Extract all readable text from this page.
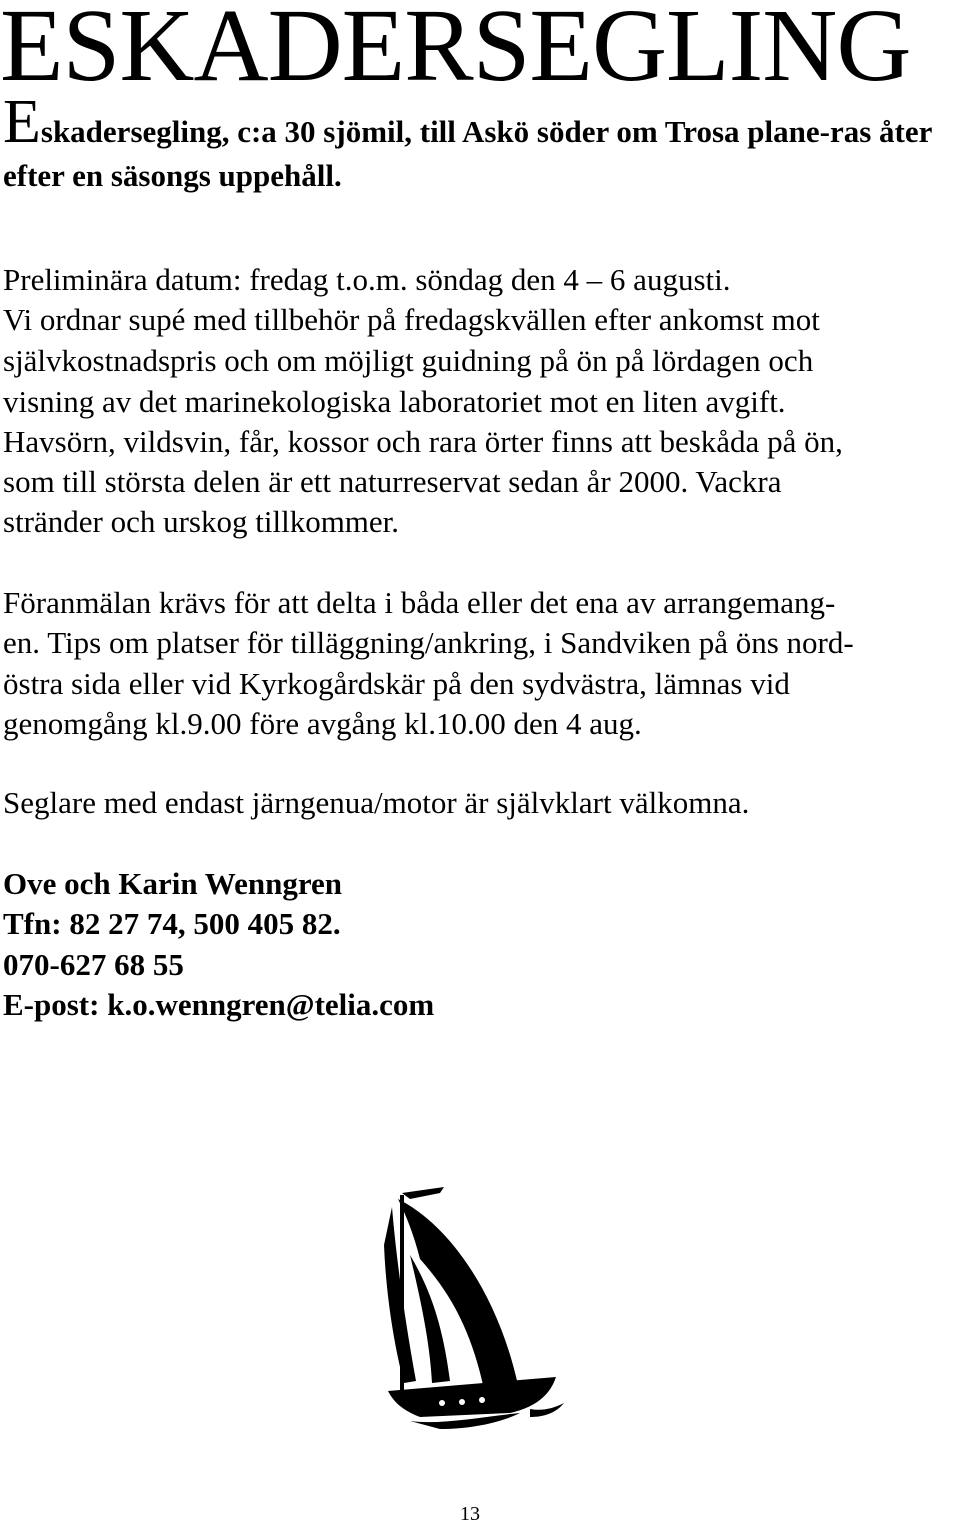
ESKADERSEGLING

Eskadersegling, c:a 30 sjömil, till Askö söder om Trosa plane-ras åter efter en säsongs uppehåll.

Preliminära datum: fredag t.o.m. söndag den 4 – 6 augusti.

Vi ordnar supé med tillbehör på fredagskvällen efter ankomst mot

självkostnadspris och om möjligt guidning på ön på lördagen och

visning av det marinekologiska laboratoriet mot en liten avgift.

Havsörn, vildsvin, får, kossor och rara örter finns att beskåda på ön,

som till största delen är ett naturreservat sedan år 2000. Vackra

stränder och urskog tillkommer.

Föranmälan krävs för att delta i båda eller det ena av arrangemang-

en. Tips om platser för tilläggning/ankring, i Sandviken på öns nord-

östra sida eller vid Kyrkogårdskär på den sydvästra, lämnas vid

genomgång kl.9.00 före avgång kl.10.00 den 4 aug.

Seglare med endast järngenua/motor är självklart välkomna.

Ove och Karin Wenngren

Tfn: 82 27 74, 500 405 82.

070-627 68 55

E-post: k.o.wenngren@telia.com

13
